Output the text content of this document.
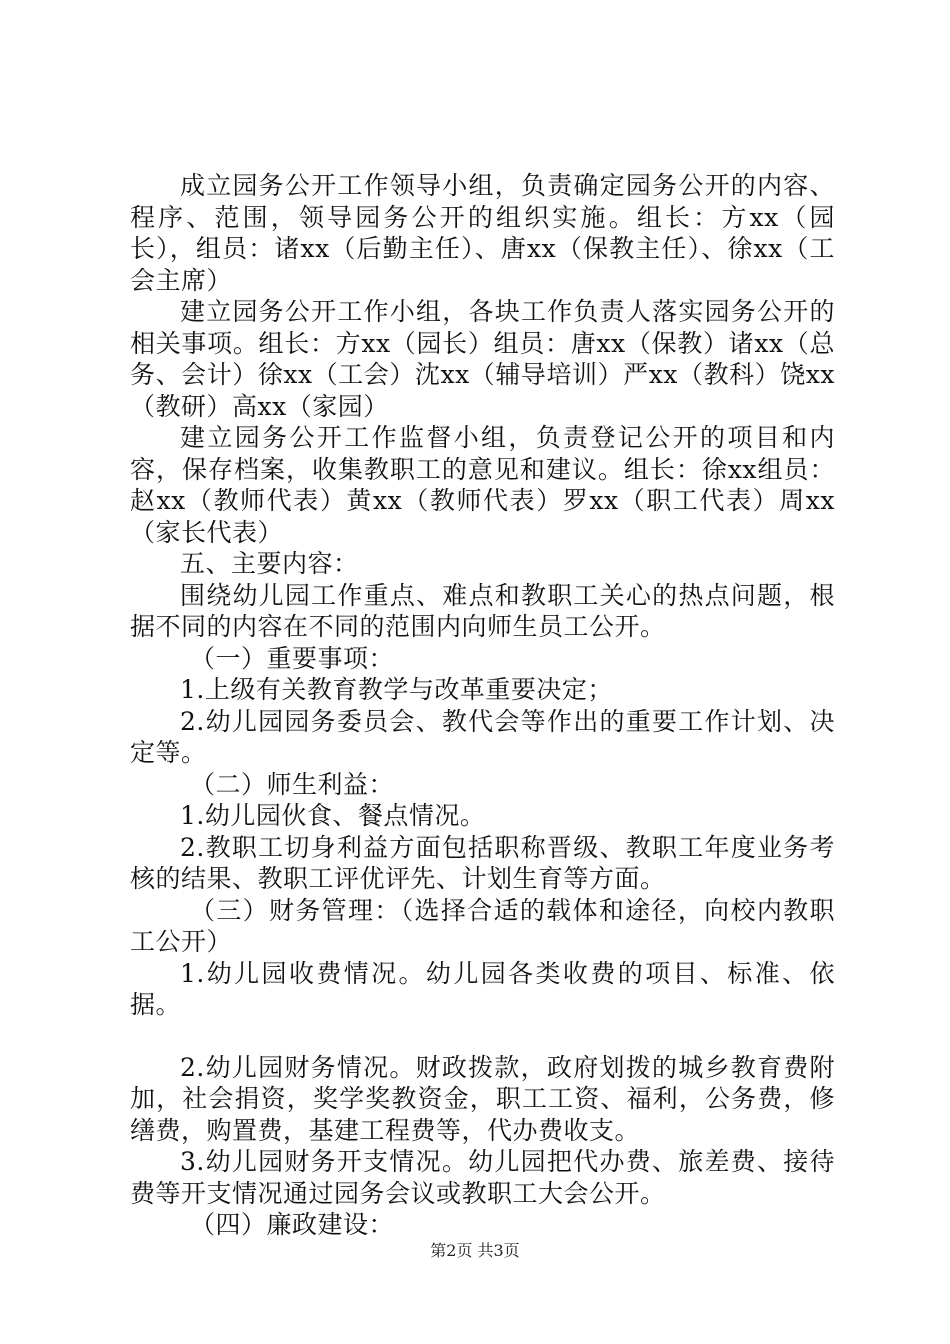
成立园务公开工作领导小组，负责确定园务公开的内容、程序、范围，领导园务公开的组织实施。组长：方xx（园长），组员：诸xx（后勤主任）、唐xx（保教主任）、徐xx（工会主席）

建立园务公开工作小组，各块工作负责人落实园务公开的相关事项。组长：方xx（园长）组员：唐xx（保教）诸xx（总务、会计）徐xx（工会）沈xx（辅导培训）严xx（教科）饶xx（教研）高xx（家园）

建立园务公开工作监督小组，负责登记公开的项目和内容，保存档案，收集教职工的意见和建议。组长：徐xx组员：赵xx（教师代表）黄xx（教师代表）罗xx（职工代表）周xx（家长代表）

五、主要内容：

围绕幼儿园工作重点、难点和教职工关心的热点问题，根据不同的内容在不同的范围内向师生员工公开。

（一）重要事项：

1.上级有关教育教学与改革重要决定；

2.幼儿园园务委员会、教代会等作出的重要工作计划、决定等。

（二）师生利益：

1.幼儿园伙食、餐点情况。

2.教职工切身利益方面包括职称晋级、教职工年度业务考核的结果、教职工评优评先、计划生育等方面。

（三）财务管理：（选择合适的载体和途径，向校内教职工公开）

1.幼儿园收费情况。幼儿园各类收费的项目、标准、依据。

2.幼儿园财务情况。财政拨款，政府划拨的城乡教育费附加，社会捐资，奖学奖教资金，职工工资、福利，公务费，修缮费，购置费，基建工程费等，代办费收支。

3.幼儿园财务开支情况。幼儿园把代办费、旅差费、接待费等开支情况通过园务会议或教职工大会公开。

（四）廉政建设：

第2页 共3页
